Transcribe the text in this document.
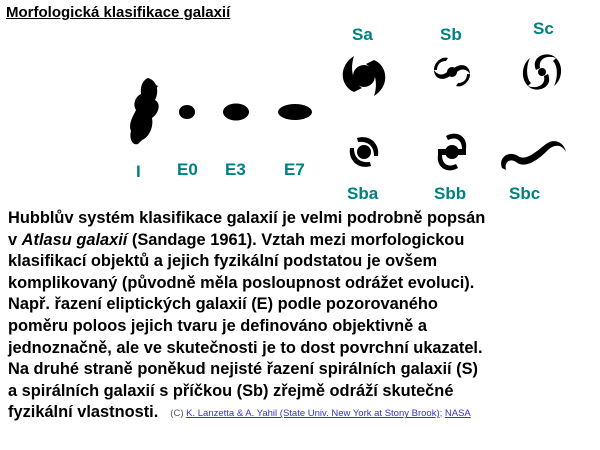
Morfologická klasifikace galaxií
I E0 E3 E7
Sa	Sb	Sc
Sba	Sbb	Sbc

Hubblův systém klasifikace galaxií je velmi podrobně popsán

v Atlasu galaxií (Sandage 1961). Vztah mezi morfologickou

klasifikací objektů a jejich fyzikální podstatou je ovšem

komplikovaný (původně měla posloupnost odrážet evoluci).

Např. řazení eliptických galaxií (E) podle pozorovaného

poměru poloos jejich tvaru je definováno objektivně a

jednoznačně, ale ve skutečnosti je to dost povrchní ukazatel.

Na druhé straně poněkud nejisté řazení spirálních galaxií (S)

a spirálních galaxií s příčkou (Sb) zřejmě odráží skutečné

fyzikální vlastnosti. (C) K. Lanzetta & A. Yahil (State Univ. New York at Stony Brook); NASA
